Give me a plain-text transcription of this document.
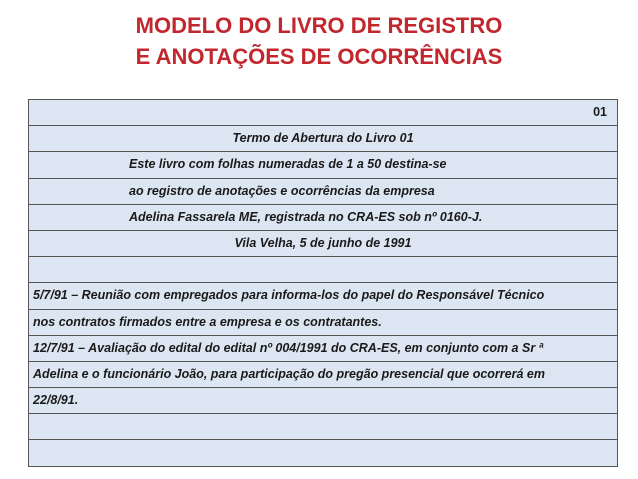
MODELO DO LIVRO DE REGISTRO
E ANOTAÇÕES DE OCORRÊNCIAS
01
Termo de Abertura do Livro 01
Este livro com folhas numeradas de 1 a 50 destina-se
ao registro de anotações e ocorrências da empresa
Adelina Fassarela ME, registrada no CRA-ES sob nº 0160-J.
Vila Velha, 5 de junho de 1991
5/7/91 – Reunião com empregados para informa-los do papel do Responsável Técnico
nos contratos firmados entre a empresa e os contratantes.
12/7/91 – Avaliação do edital do edital nº 004/1991 do CRA-ES, em conjunto com a Sr ª
Adelina e o funcionário João, para participação do pregão presencial que ocorrerá em
22/8/91.
